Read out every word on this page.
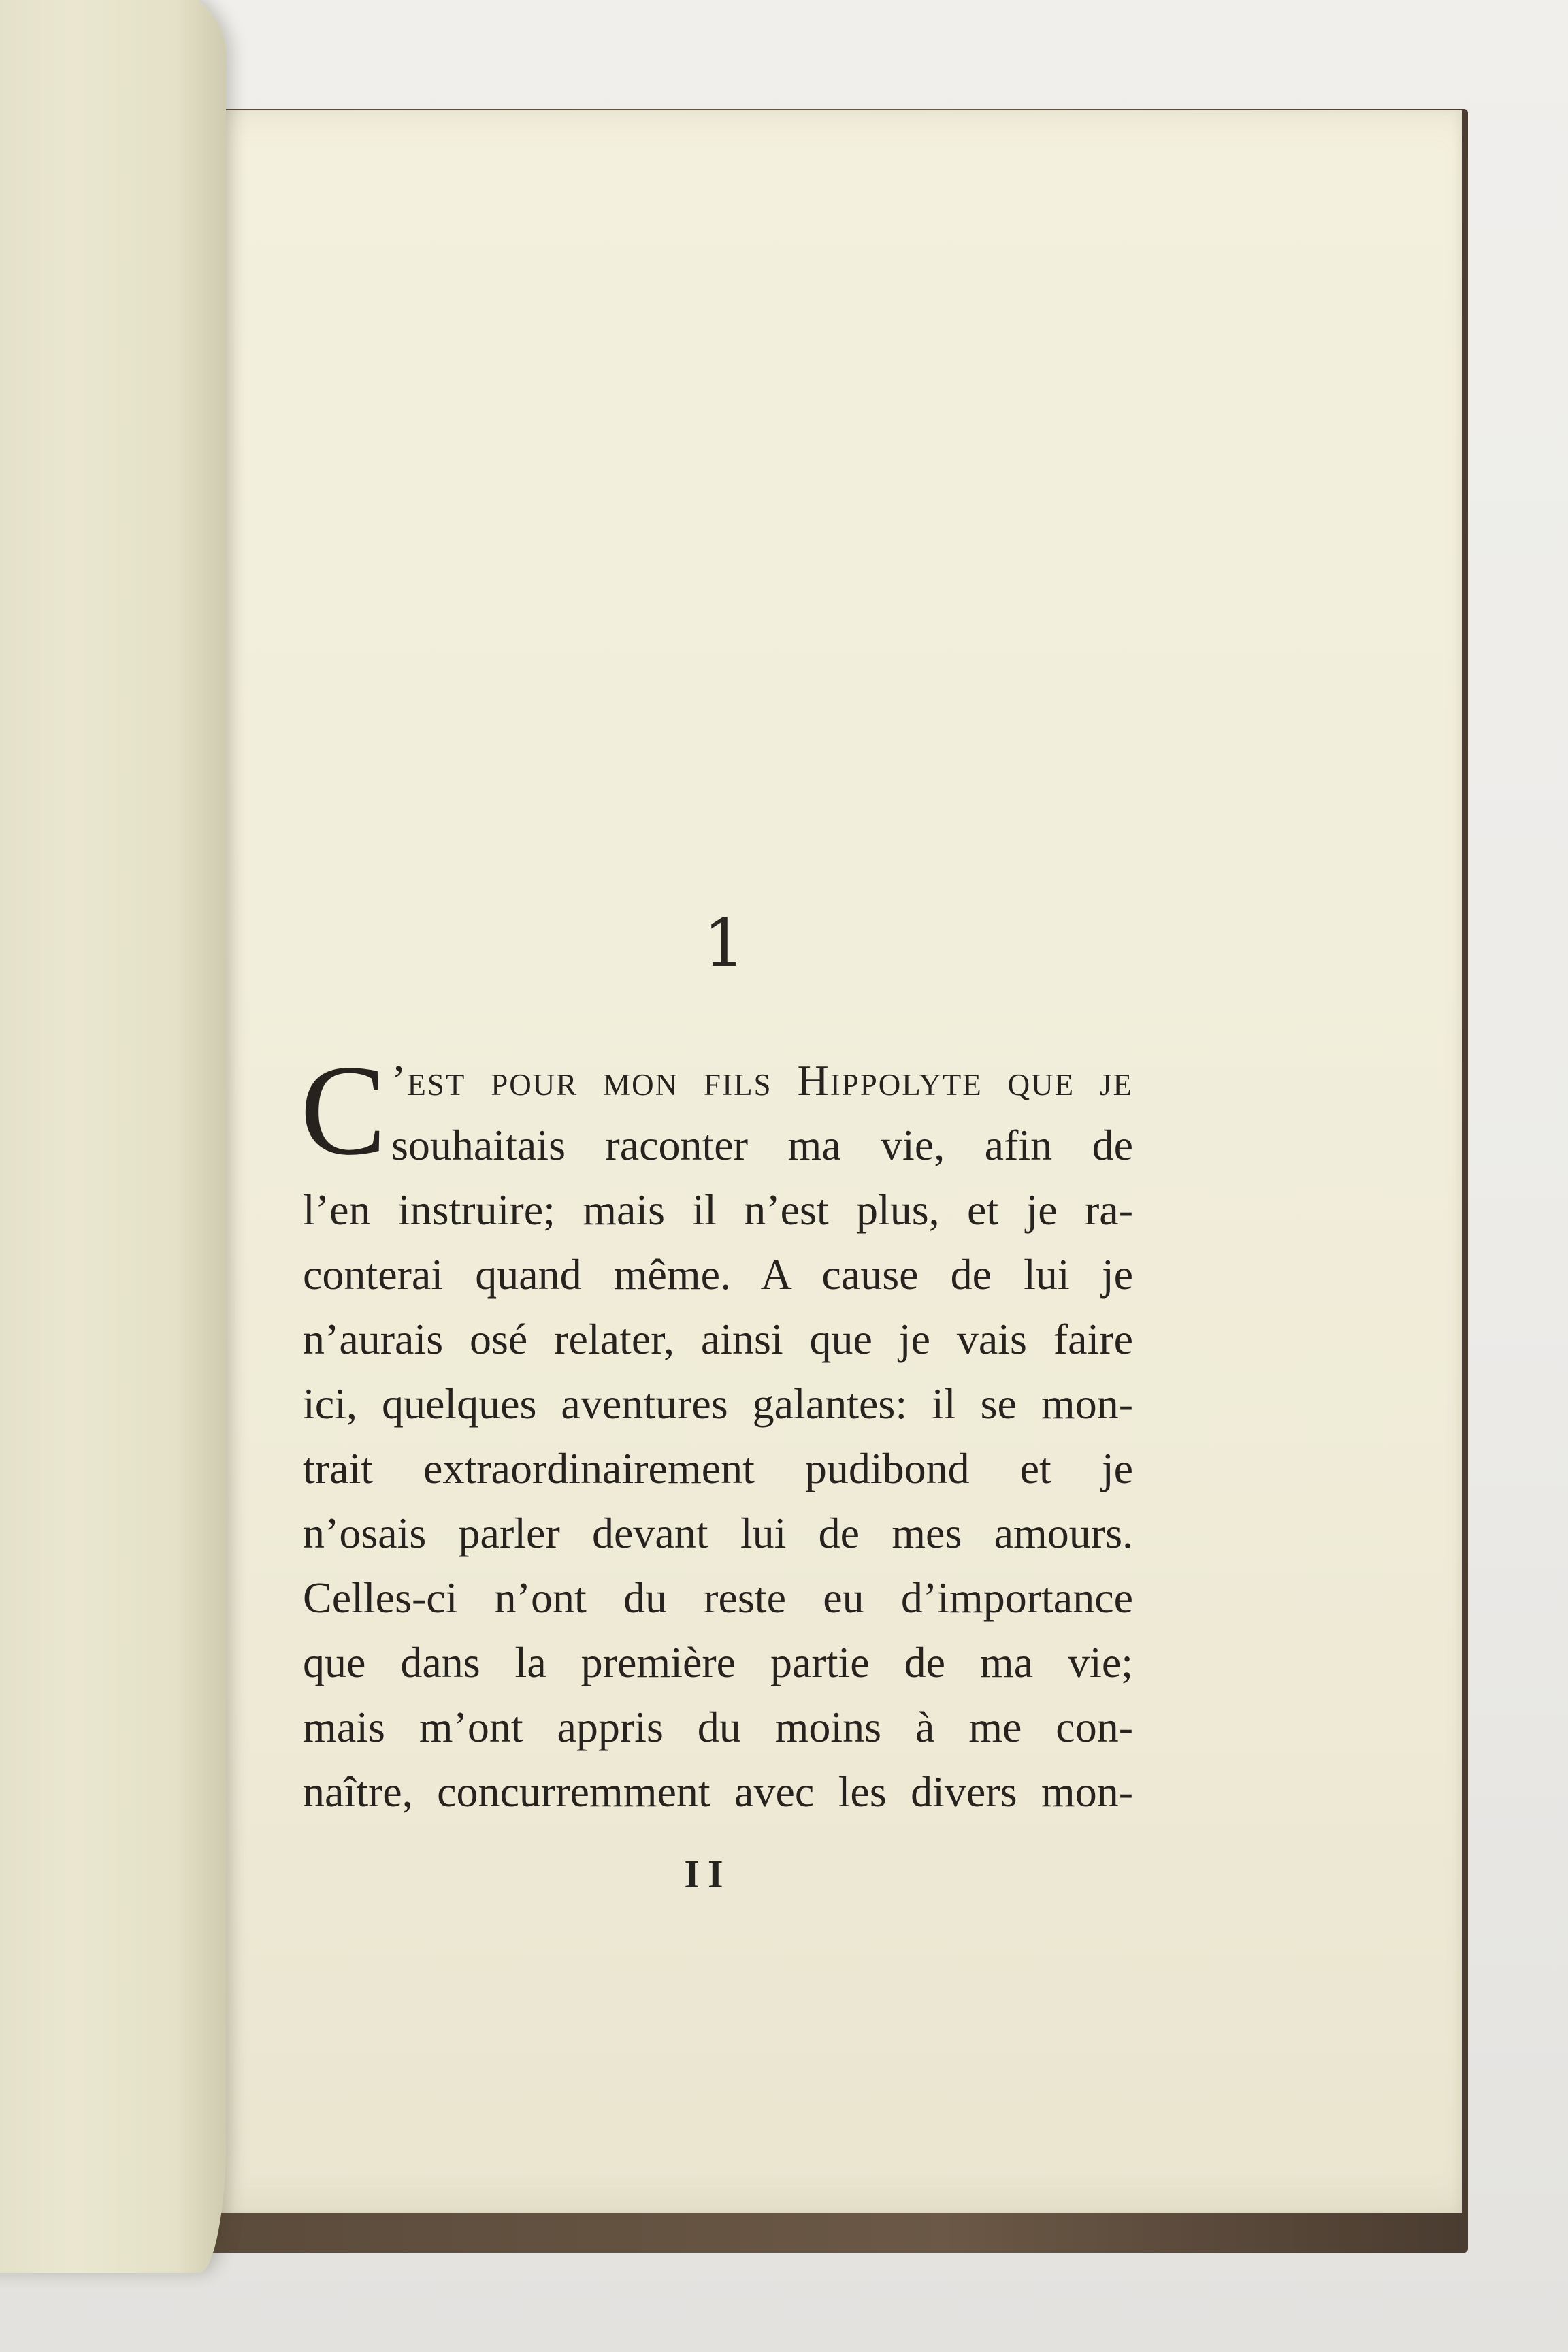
1
C ’est pour mon fils Hippolyte que je
souhaitais raconter ma vie, afin de
l’en instruire; mais il n’est plus, et je ra-
conterai quand même. A cause de lui je
n’aurais osé relater, ainsi que je vais faire
ici, quelques aventures galantes: il se mon-
trait extraordinairement pudibond et je
n’osais parler devant lui de mes amours.
Celles-ci n’ont du reste eu d’importance
que dans la première partie de ma vie;
mais m’ont appris du moins à me con-
naître, concurremment avec les divers mon-
II
